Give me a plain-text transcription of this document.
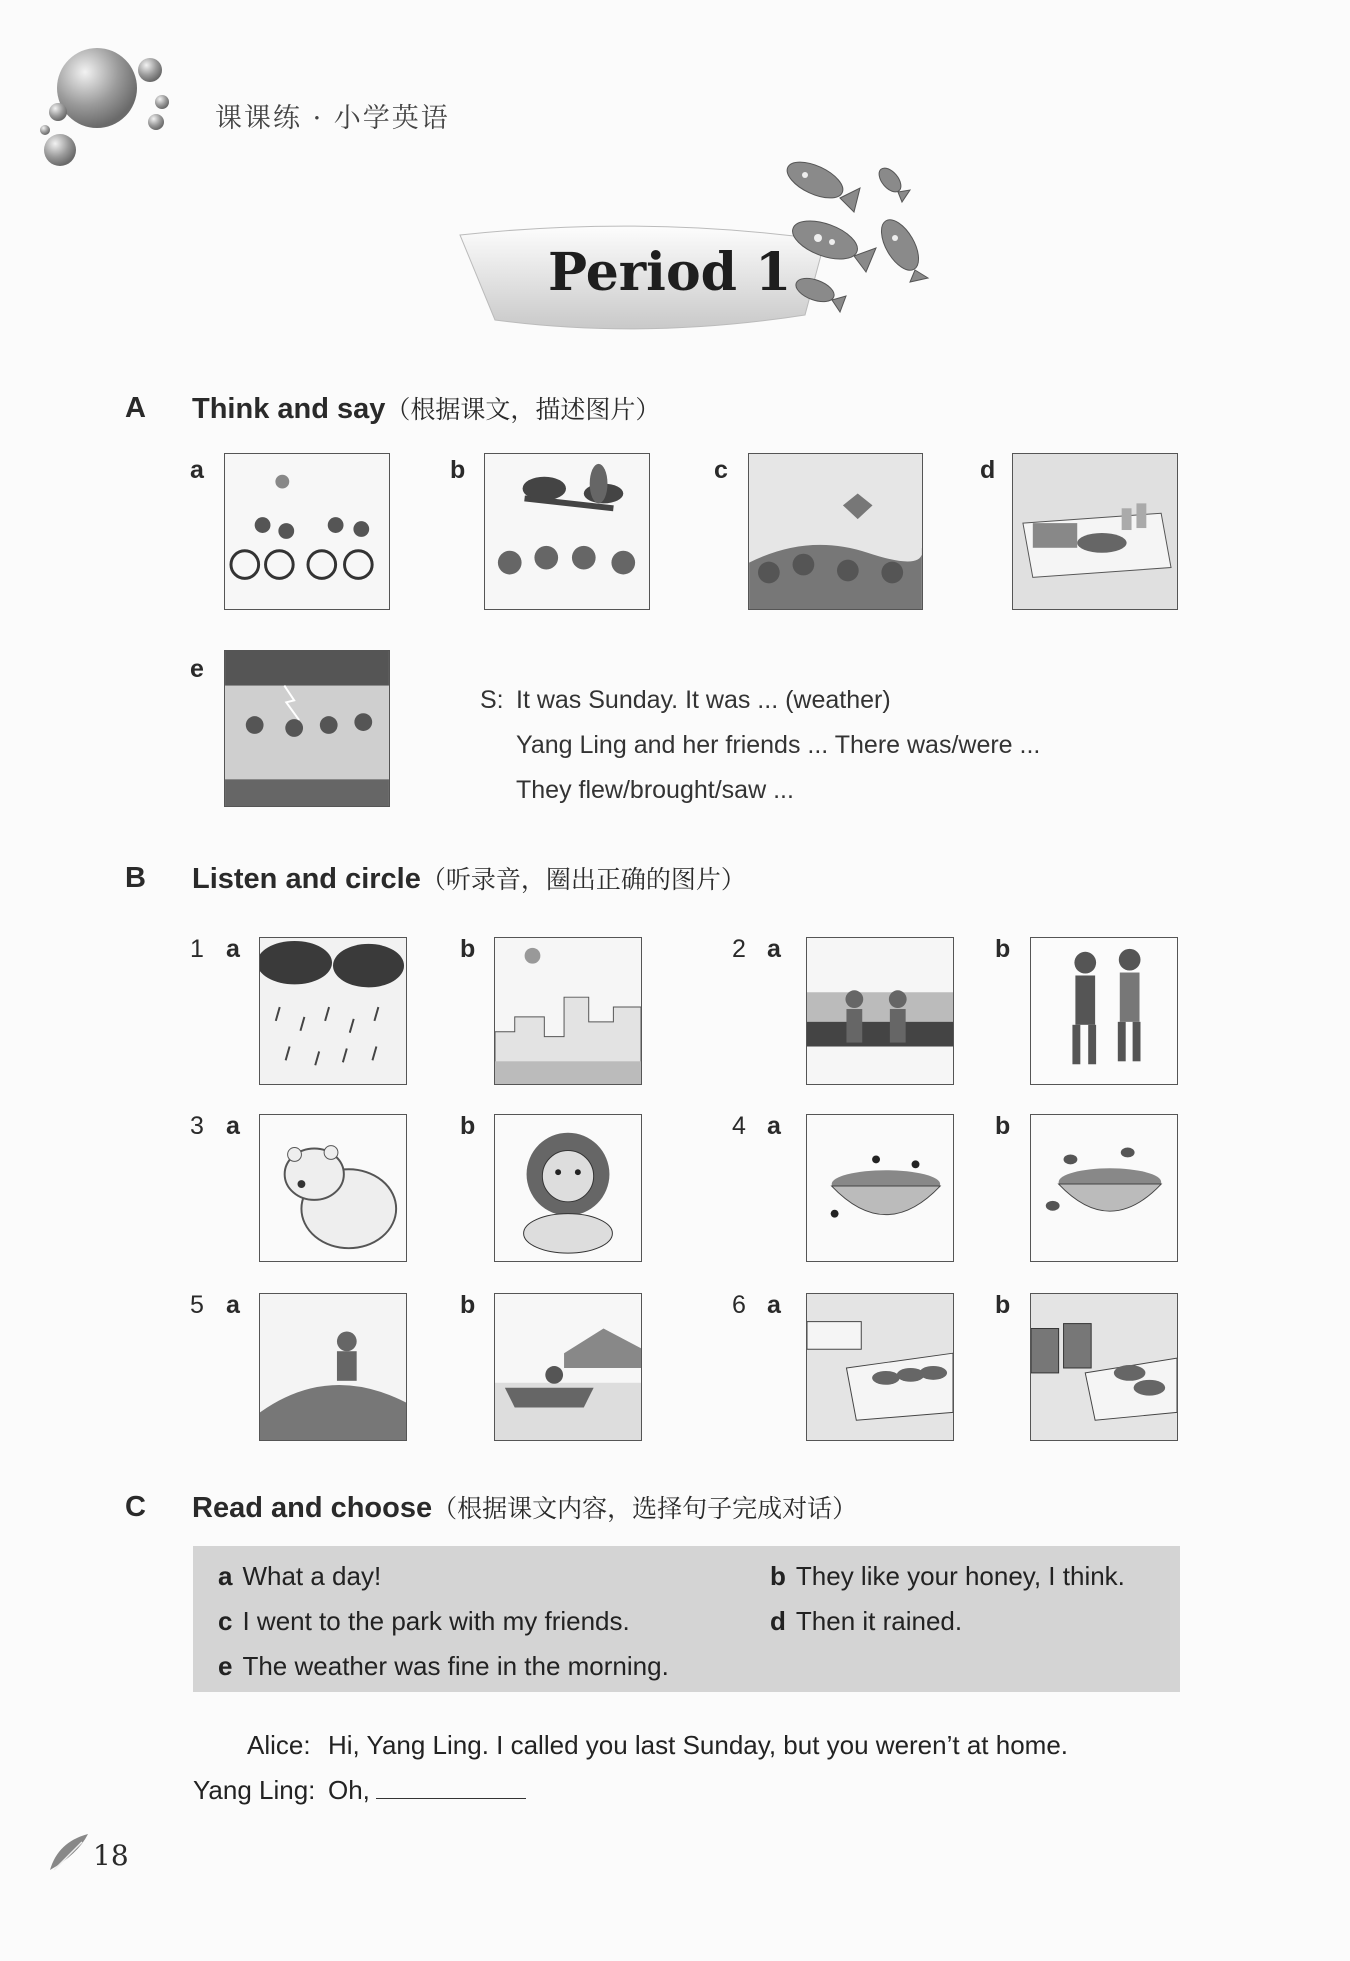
课课练 · 小学英语
Period 1
A Think and say（根据课文，描述图片）
a	b	c	d
e
S: It was Sunday. It was ... (weather)
Yang Ling and her friends ... There was/were ...
They flew/brought/saw ...
B Listen and circle（听录音，圈出正确的图片）
1 a	b	2 a	b
3 a	b	4 a	b
5 a	b	6 a	b
C Read and choose（根据课文内容，选择句子完成对话）
a What a day!	b They like your honey, I think.
c I went to the park with my friends.	d Then it rained.
e The weather was fine in the morning.
Alice: Hi, Yang Ling. I called you last Sunday, but you weren’t at home.
Yang Ling: Oh,
18
